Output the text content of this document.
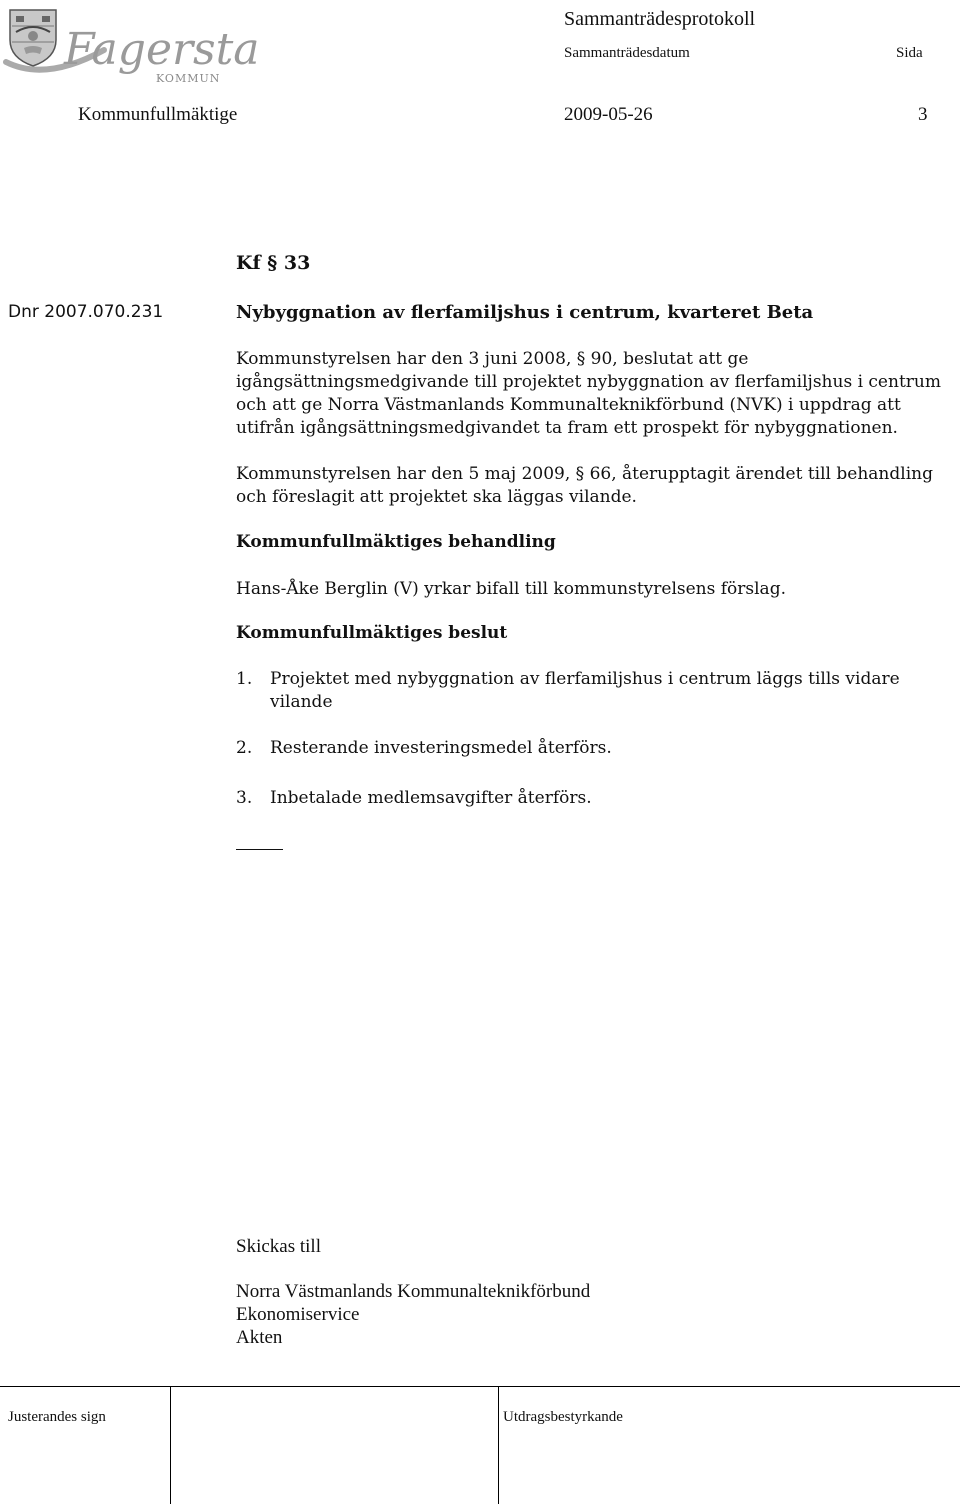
Fagersta
KOMMUN
Sammanträdesprotokoll
Sammanträdesdatum	Sida
Kommunfullmäktige	2009-05-26	3
Kf § 33
Dnr 2007.070.231	Nybyggnation av flerfamiljshus i centrum, kvarteret Beta
Kommunstyrelsen har den 3 juni 2008, § 90, beslutat att ge igångsättningsmedgivande till projektet nybyggnation av flerfamiljshus i centrum och att ge Norra Västmanlands Kommunalteknikförbund (NVK) i uppdrag att utifrån igångsättningsmedgivandet ta fram ett prospekt för nybyggnationen.
Kommunstyrelsen har den 5 maj 2009, § 66, återupptagit ärendet till behandling och föreslagit att projektet ska läggas vilande.
Kommunfullmäktiges behandling
Hans-Åke Berglin (V) yrkar bifall till kommunstyrelsens förslag.
Kommunfullmäktiges beslut
1. Projektet med nybyggnation av flerfamiljshus i centrum läggs tills vidare vilande
2. Resterande investeringsmedel återförs.
3. Inbetalade medlemsavgifter återförs.
Skickas till
Norra Västmanlands Kommunalteknikförbund
Ekonomiservice
Akten
Justerandes sign	Utdragsbestyrkande
